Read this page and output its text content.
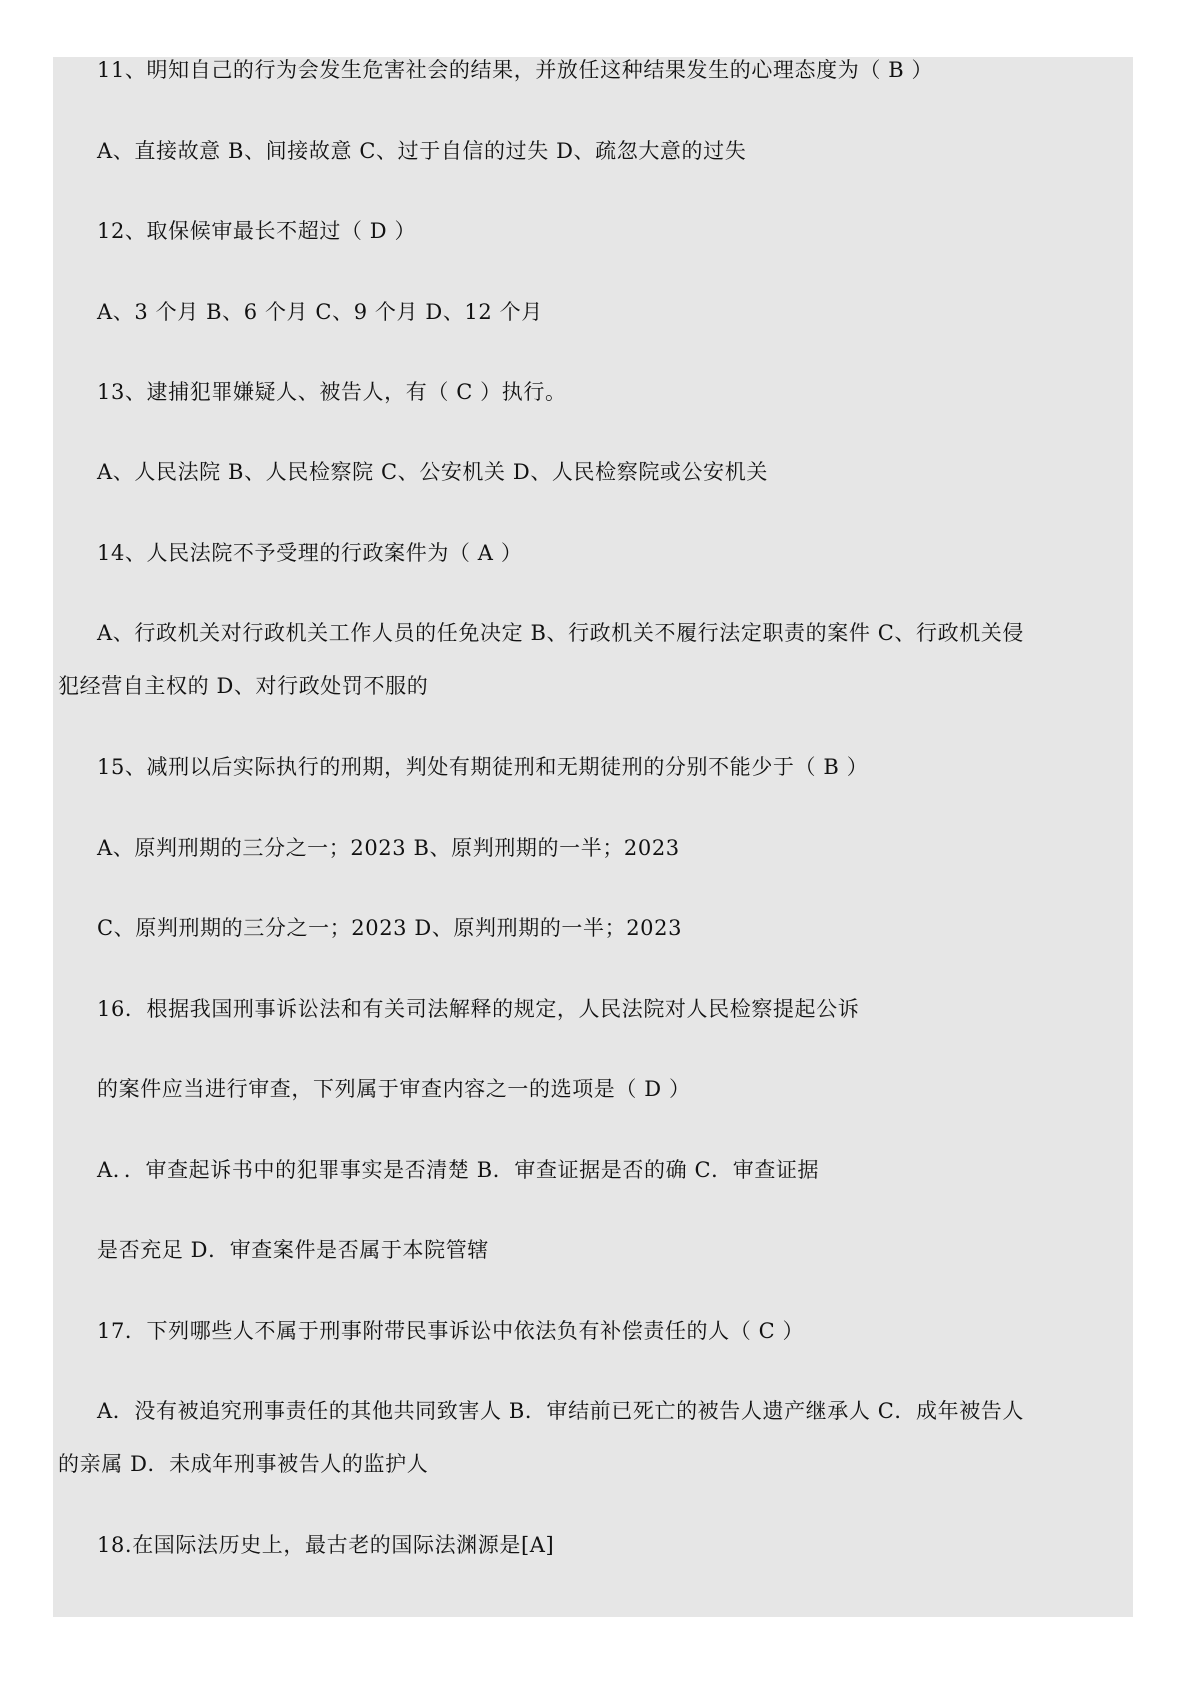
11、明知自己的行为会发生危害社会的结果，并放任这种结果发生的心理态度为（ B ）
A、直接故意 B、间接故意 C、过于自信的过失 D、疏忽大意的过失
12、取保候审最长不超过（ D ）
A、3 个月 B、6 个月 C、9 个月 D、12 个月
13、逮捕犯罪嫌疑人、被告人，有（ C ）执行。
A、人民法院 B、人民检察院 C、公安机关 D、人民检察院或公安机关
14、人民法院不予受理的行政案件为（ A ）
A、行政机关对行政机关工作人员的任免决定 B、行政机关不履行法定职责的案件 C、行政机关侵
犯经营自主权的 D、对行政处罚不服的
15、减刑以后实际执行的刑期，判处有期徒刑和无期徒刑的分别不能少于（ B ）
A、原判刑期的三分之一；2023 B、原判刑期的一半；2023
C、原判刑期的三分之一；2023 D、原判刑期的一半；2023
16．根据我国刑事诉讼法和有关司法解释的规定，人民法院对人民检察提起公诉
的案件应当进行审查，下列属于审查内容之一的选项是（ D ）
A．．审查起诉书中的犯罪事实是否清楚 B．审查证据是否的确 C．审查证据
是否充足 D．审查案件是否属于本院管辖
17．下列哪些人不属于刑事附带民事诉讼中依法负有补偿责任的人（ C ）
A．没有被追究刑事责任的其他共同致害人 B．审结前已死亡的被告人遗产继承人 C．成年被告人
的亲属 D．未成年刑事被告人的监护人
18.在国际法历史上，最古老的国际法渊源是[A]
